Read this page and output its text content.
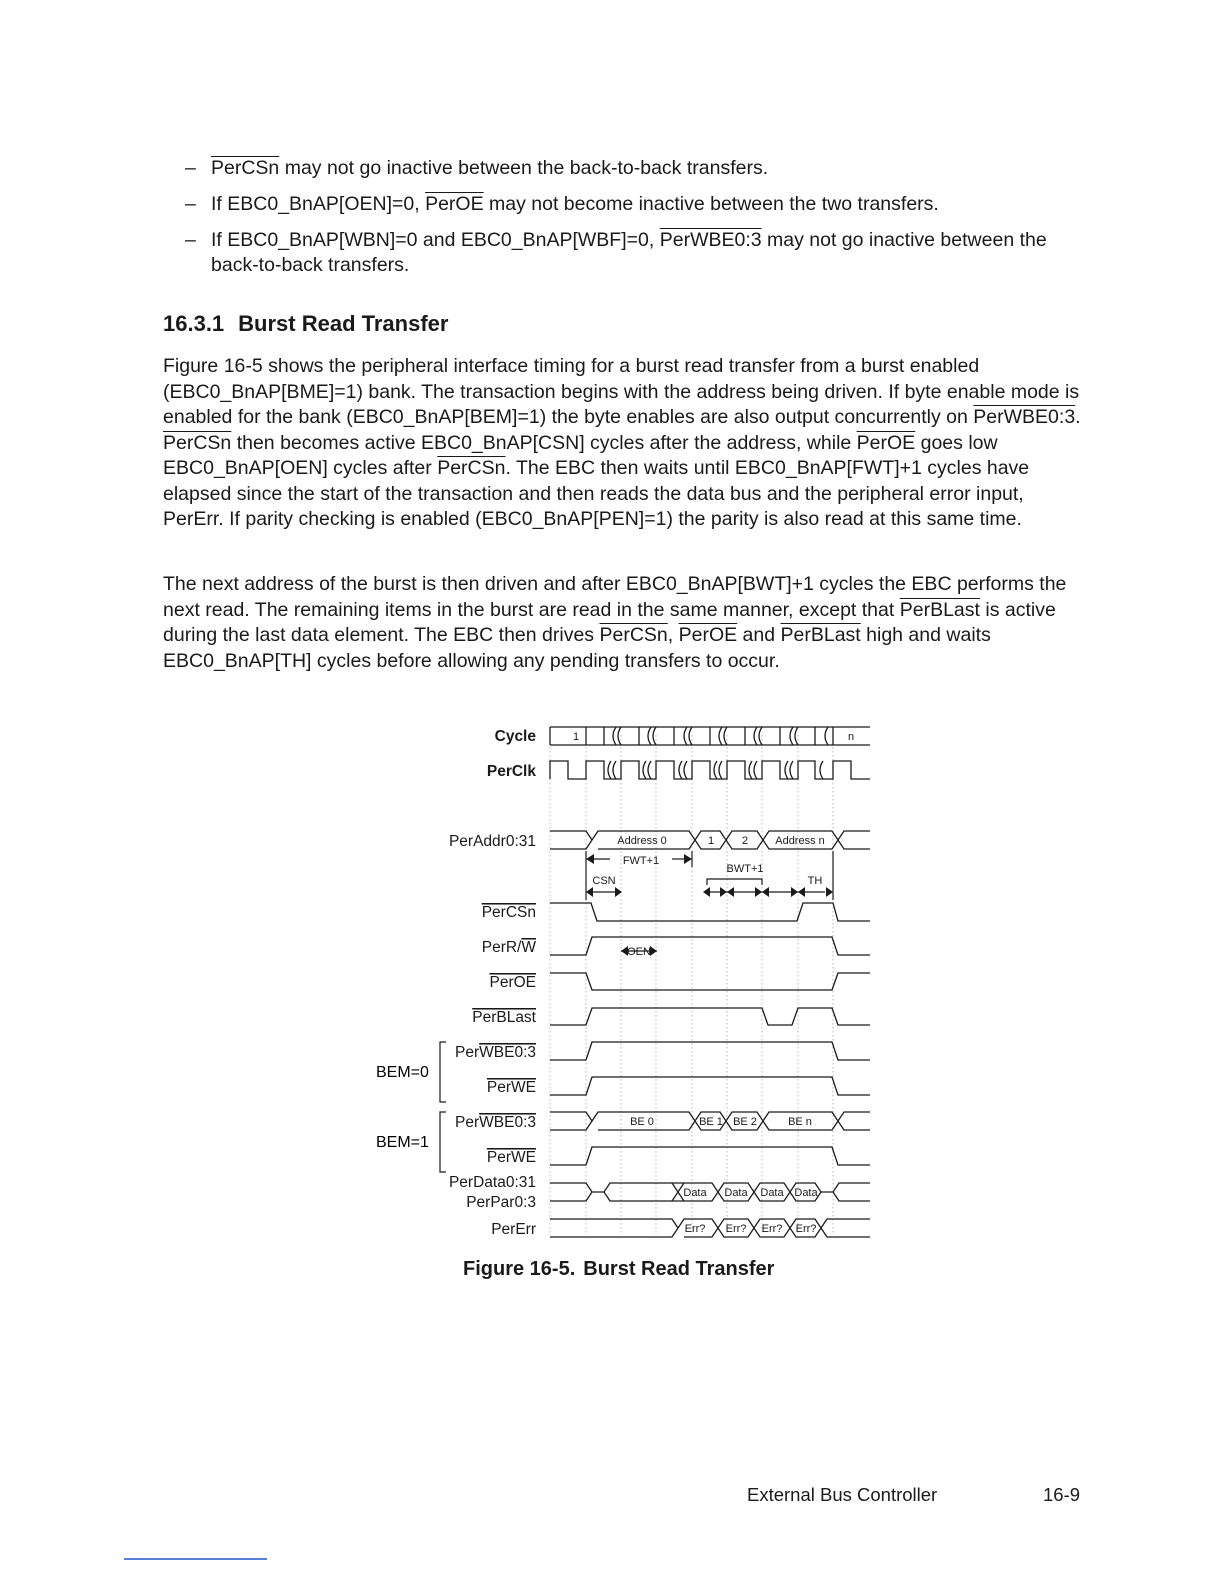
– PerCSn may not go inactive between the back-to-back transfers.
– If EBC0_BnAP[OEN]=0, PerOE may not become inactive between the two transfers.
– If EBC0_BnAP[WBN]=0 and EBC0_BnAP[WBF]=0, PerWBE0:3 may not go inactive between the back-to-back transfers.
16.3.1 Burst Read Transfer

Figure 16-5 shows the peripheral interface timing for a burst read transfer from a burst enabled (EBC0_BnAP[BME]=1) bank. The transaction begins with the address being driven. If byte enable mode is enabled for the bank (EBC0_BnAP[BEM]=1) the byte enables are also output concurrently on PerWBE0:3. PerCSn then becomes active EBC0_BnAP[CSN] cycles after the address, while PerOE goes low EBC0_BnAP[OEN] cycles after PerCSn. The EBC then waits until EBC0_BnAP[FWT]+1 cycles have elapsed since the start of the transaction and then reads the data bus and the peripheral error input, PerErr. If parity checking is enabled (EBC0_BnAP[PEN]=1) the parity is also read at this same time.

The next address of the burst is then driven and after EBC0_BnAP[BWT]+1 cycles the EBC performs the next read. The remaining items in the burst are read in the same manner, except that PerBLast is active during the last data element. The EBC then drives PerCSn, PerOE and PerBLast high and waits EBC0_BnAP[TH] cycles before allowing any pending transfers to occur.

Cycle
PerClk
PerAddr0:31
PerCSn
PerR/W
PerOE
PerBLast
PerWBE0:3
PerWE
PerWBE0:3
PerWE
PerData0:31
PerPar0:3
PerErr
BEM=0
BEM=1
1	n
Address 0	1	2 Address n
FWT+1
BWT+1
CSN	TH
OEN
BE 0	BE 1 BE 2	BE n
Data Data Data Data
Err? Err? Err? Err?
Figure 16-5. Burst Read Transfer
External Bus Controller	16-9
